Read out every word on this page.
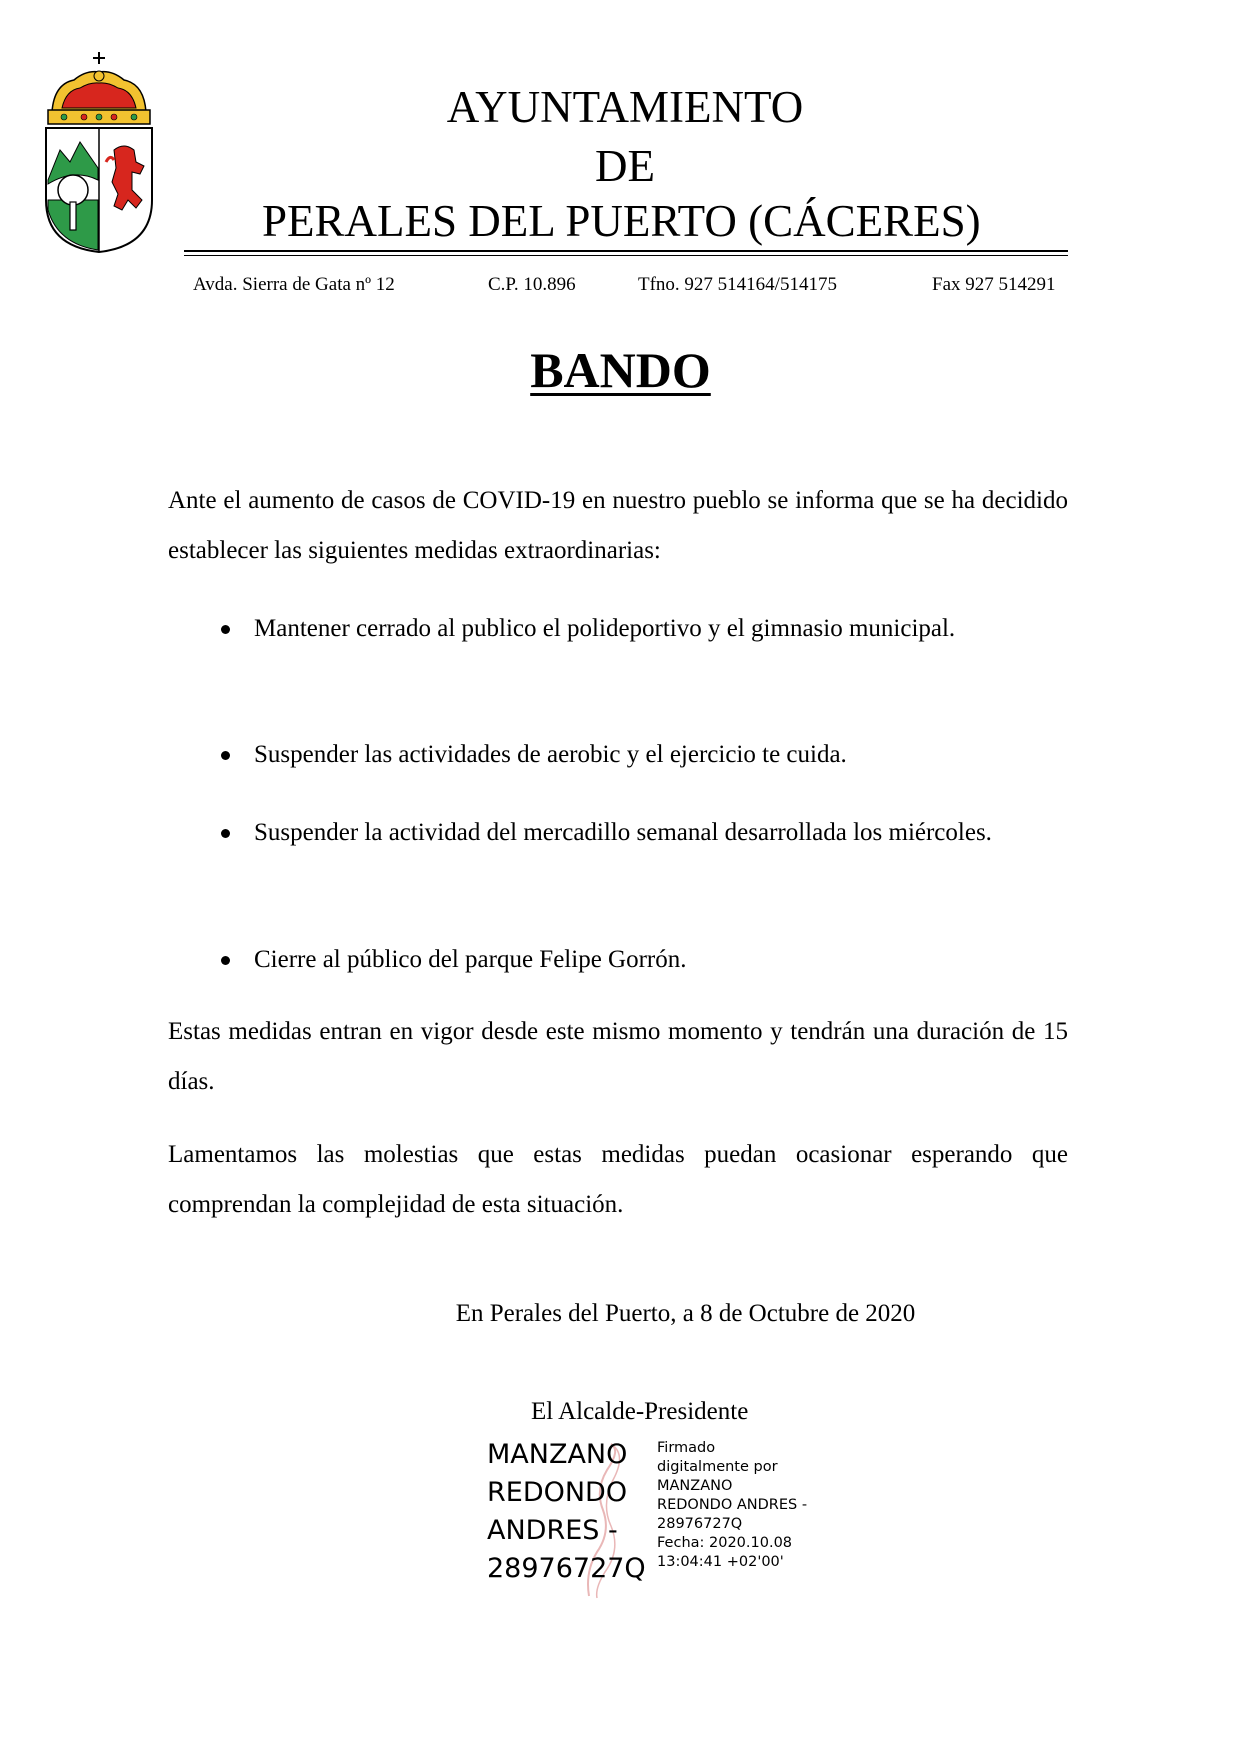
AYUNTAMIENTO
DE
PERALES DEL PUERTO (CÁCERES)
Avda. Sierra de Gata nº 12	C.P. 10.896	Tfno. 927 514164/514175	Fax 927 514291
BANDO
Ante el aumento de casos de COVID-19 en nuestro pueblo se informa que se ha decidido establecer las siguientes medidas extraordinarias:
Mantener cerrado al publico el polideportivo y el gimnasio municipal.
Suspender las actividades de aerobic y el ejercicio te cuida.
Suspender la actividad del mercadillo semanal desarrollada los miércoles.
Cierre al público del parque Felipe Gorrón.
Estas medidas entran en vigor desde este mismo momento y tendrán una duración de 15 días.
Lamentamos las molestias que estas medidas puedan ocasionar esperando que comprendan la complejidad de esta situación.
En Perales del Puerto, a 8 de Octubre de 2020
El Alcalde-Presidente
MANZANO
REDONDO
ANDRES -
28976727Q
Firmado
digitalmente por
MANZANO
REDONDO ANDRES -
28976727Q
Fecha: 2020.10.08
13:04:41 +02'00'
